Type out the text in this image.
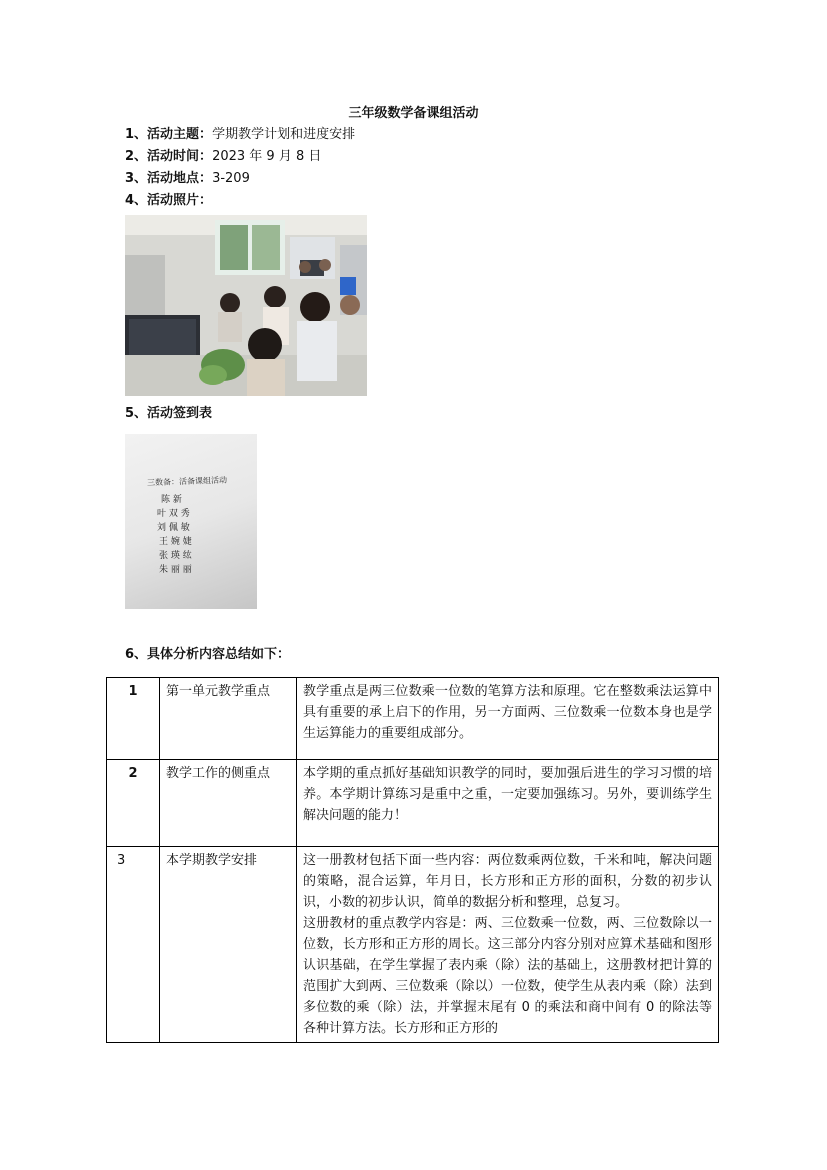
三年级数学备课组活动
1、活动主题：学期教学计划和进度安排
2、活动时间：2023 年 9 月 8 日
3、活动地点：3-209
4、活动照片：
5、活动签到表
三数备：活备课组活动
陈 新
叶 双 秀
刘 佩 敏
王 婉 婕
张 瑛 纮
朱 丽 丽
6、具体分析内容总结如下：
1	第一单元教学重点	教学重点是两三位数乘一位数的笔算方法和原理。它在整数乘法运算中具有重要的承上启下的作用，另一方面两、三位数乘一位数本身也是学生运算能力的重要组成部分。

2	教学工作的侧重点	本学期的重点抓好基础知识教学的同时，要加强后进生的学习习惯的培养。本学期计算练习是重中之重，一定要加强练习。另外，要训练学生解决问题的能力！

3	本学期教学安排	这一册教材包括下面一些内容：两位数乘两位数，千米和吨，解决问题的策略，混合运算，年月日，长方形和正方形的面积，分数的初步认识，小数的初步认识，简单的数据分析和整理，总复习。

这册教材的重点教学内容是：两、三位数乘一位数，两、三位数除以一位数，长方形和正方形的周长。这三部分内容分别对应算术基础和图形认识基础，在学生掌握了表内乘（除）法的基础上，这册教材把计算的范围扩大到两、三位数乘（除以）一位数，使学生从表内乘（除）法到多位数的乘（除）法，并掌握末尾有 0 的乘法和商中间有 0 的除法等各种计算方法。长方形和正方形的
